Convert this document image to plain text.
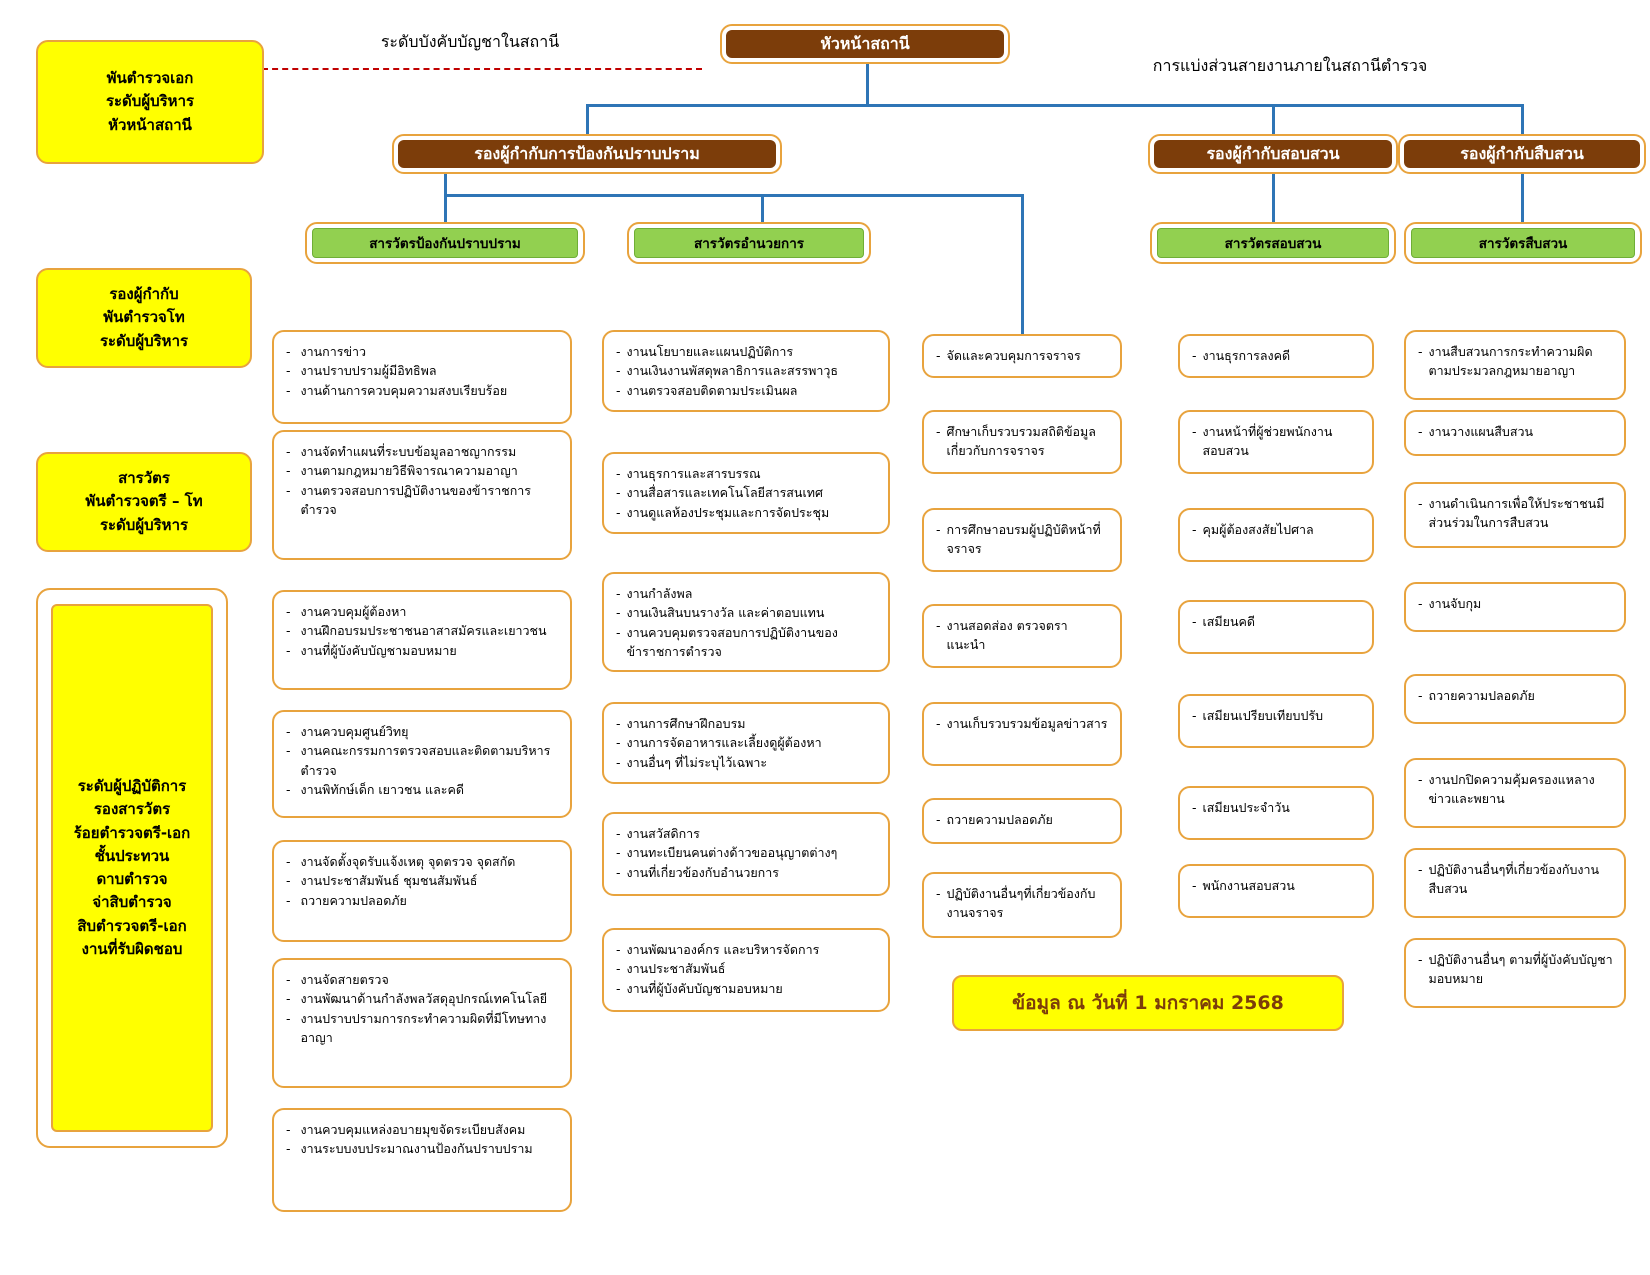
ระดับบังคับบัญชาในสถานี
การแบ่งส่วนสายงานภายในสถานีตำรวจ
หัวหน้าสถานี
พันตำรวจเอก
ระดับผู้บริหาร
หัวหน้าสถานี
รองผู้กำกับ
พันตำรวจโท
ระดับผู้บริหาร
สารวัตร
พันตำรวจตรี – โท
ระดับผู้บริหาร
ระดับผู้ปฏิบัติการ
รองสารวัตร
ร้อยตำรวจตรี-เอก
ชั้นประทวน
ดาบตำรวจ
จ่าสิบตำรวจ
สิบตำรวจตรี-เอก
งานที่รับผิดชอบ
รองผู้กำกับการป้องกันปราบปราม	รองผู้กำกับสอบสวน	รองผู้กำกับสืบสวน
สารวัตรป้องกันปราบปราม	สารวัตรอำนวยการ	สารวัตรสอบสวน	สารวัตรสืบสวน
- งานการข่าว
- งานปราบปรามผู้มีอิทธิพล
- งานด้านการควบคุมความสงบเรียบร้อย
- งานจัดทำแผนที่ระบบข้อมูลอาชญากรรม
- งานตามกฎหมายวิธีพิจารณาความอาญา
- งานตรวจสอบการปฏิบัติงานของข้าราชการตำรวจ
- งานควบคุมผู้ต้องหา
- งานฝึกอบรมประชาชนอาสาสมัครและเยาวชน
- งานที่ผู้บังคับบัญชามอบหมาย
- งานควบคุมศูนย์วิทยุ
- งานคณะกรรมการตรวจสอบและติดตามบริหารตำรวจ
- งานพิทักษ์เด็ก เยาวชน และคดี
- งานจัดตั้งจุดรับแจ้งเหตุ จุดตรวจ จุดสกัด
- งานประชาสัมพันธ์ ชุมชนสัมพันธ์
- ถวายความปลอดภัย
- งานจัดสายตรวจ
- งานพัฒนาด้านกำลังพลวัสดุอุปกรณ์เทคโนโลยี
- งานปราบปรามการกระทำความผิดที่มีโทษทางอาญา
- งานควบคุมแหล่งอบายมุขจัดระเบียบสังคม
- งานระบบงบประมาณงานป้องกันปราบปราม
- งานนโยบายและแผนปฏิบัติการ
- งานเงินงานพัสดุพลาธิการและสรรพาวุธ
- งานตรวจสอบติดตามประเมินผล
- งานธุรการและสารบรรณ
- งานสื่อสารและเทคโนโลยีสารสนเทศ
- งานดูแลห้องประชุมและการจัดประชุม
- งานกำลังพล
- งานเงินสินบนรางวัล และค่าตอบแทน
- งานควบคุมตรวจสอบการปฏิบัติงานของข้าราชการตำรวจ
- งานการศึกษาฝึกอบรม
- งานการจัดอาหารและเลี้ยงดูผู้ต้องหา
- งานอื่นๆ ที่ไม่ระบุไว้เฉพาะ
- งานสวัสดิการ
- งานทะเบียนคนต่างด้าวขออนุญาตต่างๆ
- งานที่เกี่ยวข้องกับอำนวยการ
- งานพัฒนาองค์กร และบริหารจัดการ
- งานประชาสัมพันธ์
- งานที่ผู้บังคับบัญชามอบหมาย
- จัดและควบคุมการจราจร
- ศึกษาเก็บรวบรวมสถิติข้อมูลเกี่ยวกับการจราจร
- การศึกษาอบรมผู้ปฏิบัติหน้าที่จราจร
- งานสอดส่อง ตรวจตรา แนะนำ
- งานเก็บรวบรวมข้อมูลข่าวสาร
- ถวายความปลอดภัย
- ปฏิบัติงานอื่นๆที่เกี่ยวข้องกับงานจราจร
- งานธุรการลงคดี
- งานหน้าที่ผู้ช่วยพนักงานสอบสวน
- คุมผู้ต้องสงสัยไปศาล
- เสมียนคดี
- เสมียนเปรียบเทียบปรับ
- เสมียนประจำวัน
- พนักงานสอบสวน
- งานสืบสวนการกระทำความผิดตามประมวลกฎหมายอาญา
- งานวางแผนสืบสวน
- งานดำเนินการเพื่อให้ประชาชนมีส่วนร่วมในการสืบสวน
- งานจับกุม
- ถวายความปลอดภัย
- งานปกปิดความคุ้มครองแหลางข่าวและพยาน
- ปฏิบัติงานอื่นๆที่เกี่ยวข้องกับงานสืบสวน
- ปฏิบัติงานอื่นๆ ตามที่ผู้บังคับบัญชามอบหมาย
ข้อมูล ณ วันที่ 1 มกราคม 2568
